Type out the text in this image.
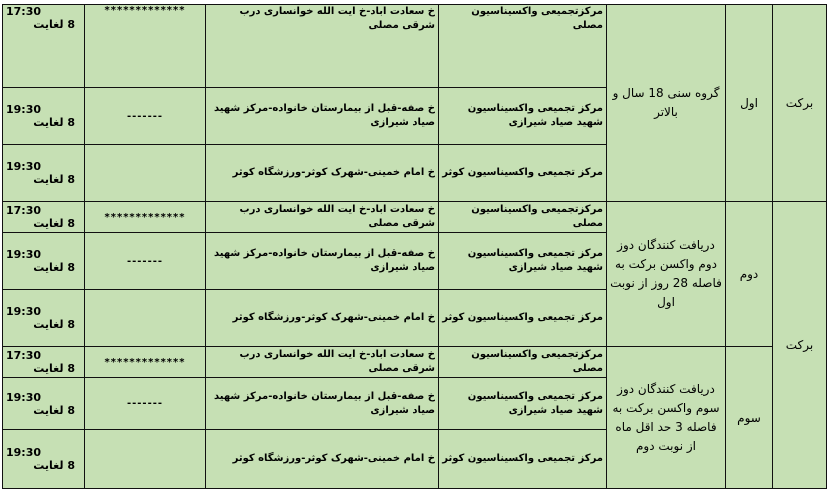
برکت	اول	گروه سنی 18 سال و بالاتر	مرکزتجمیعی واکسیناسیون مصلی	خ سعادت اباد-خ ایت الله خوانساری درب شرقی مصلی	*************	17:30
8 لغایت

			مرکز تجمیعی واکسیناسیون شهید صیاد شیرازی	خ صفه-قبل از بیمارستان خانواده-مرکز شهید صیاد شیرازی	-------	19:30
8 لغایت

			مرکز تجمیعی واکسیناسیون کوثر	خ امام خمینی-شهرک کوثر-ورزشگاه کوثر		19:30
8 لغایت

برکت	دوم	دریافت کنندگان دوز دوم واکسن برکت به فاصله 28 روز از نوبت اول	مرکزتجمیعی واکسیناسیون مصلی	خ سعادت اباد-خ ایت الله خوانساری درب شرقی مصلی	*************	17:30
8 لغایت

			مرکز تجمیعی واکسیناسیون شهید صیاد شیرازی	خ صفه-قبل از بیمارستان خانواده-مرکز شهید صیاد شیرازی	-------	19:30
8 لغایت

			مرکز تجمیعی واکسیناسیون کوثر	خ امام خمینی-شهرک کوثر-ورزشگاه کوثر		19:30
8 لغایت

	سوم	دریافت کنندگان دوز سوم واکسن برکت به فاصله 3 حد اقل ماه از نوبت دوم	مرکزتجمیعی واکسیناسیون مصلی	خ سعادت اباد-خ ایت الله خوانساری درب شرقی مصلی	*************	17:30
8 لغایت

			مرکز تجمیعی واکسیناسیون شهید صیاد شیرازی	خ صفه-قبل از بیمارستان خانواده-مرکز شهید صیاد شیرازی	-------	19:30
8 لغایت

			مرکز تجمیعی واکسیناسیون کوثر	خ امام خمینی-شهرک کوثر-ورزشگاه کوثر		19:30
8 لغایت
